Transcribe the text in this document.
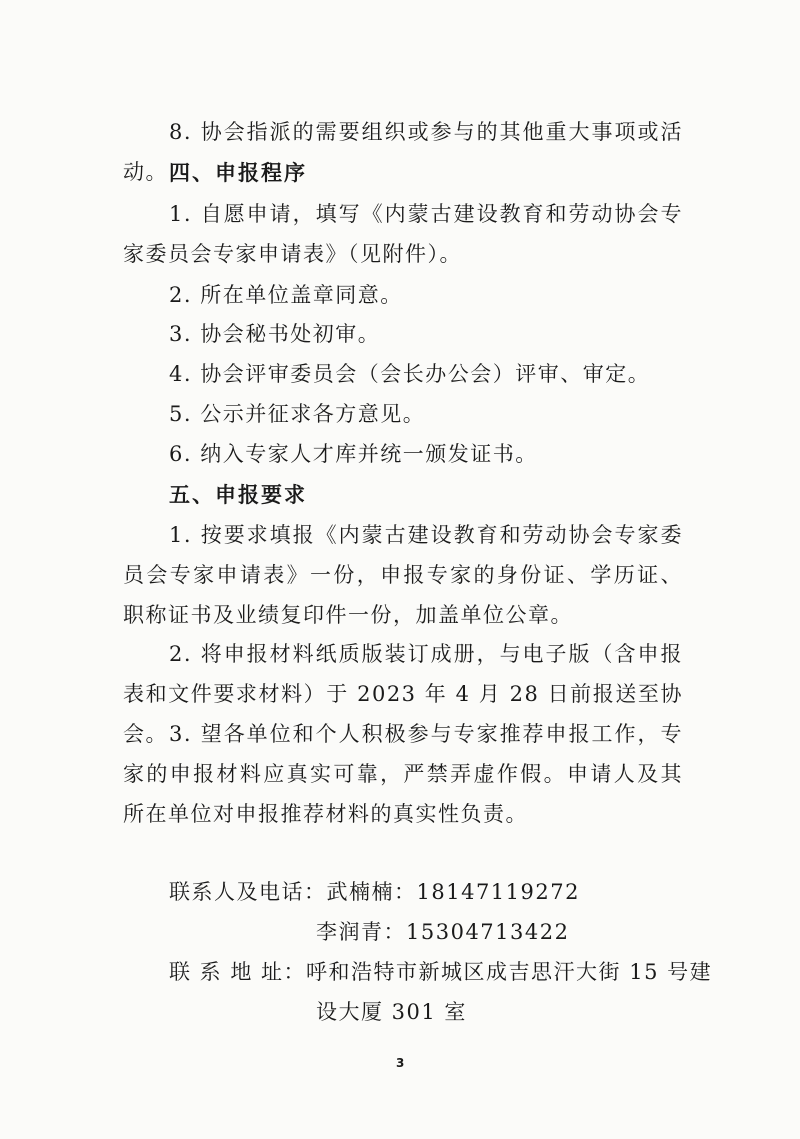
8. 协会指派的需要组织或参与的其他重大事项或活动。 四、申报程序

1. 自愿申请，填写《内蒙古建设教育和劳动协会专家委员会专家申请表》（见附件）。

2. 所在单位盖章同意。

3. 协会秘书处初审。

4. 协会评审委员会（会长办公会）评审、审定。

5. 公示并征求各方意见。

6. 纳入专家人才库并统一颁发证书。

五、申报要求

1. 按要求填报《内蒙古建设教育和劳动协会专家委员会专家申请表》一份，申报专家的身份证、学历证、职称证书及业绩复印件一份，加盖单位公章。

2. 将申报材料纸质版装订成册，与电子版（含申报表和文件要求材料）于 2023 年 4 月 28 日前报送至协会。 3. 望各单位和个人积极参与专家推荐申报工作，专家的申报材料应真实可靠，严禁弄虚作假。申请人及其所在单位对申报推荐材料的真实性负责。

联系人及电话：武楠楠：18147119272

李润青：15304713422

联 系 地 址：呼和浩特市新城区成吉思汗大街 15 号建

设大厦 301 室

3
